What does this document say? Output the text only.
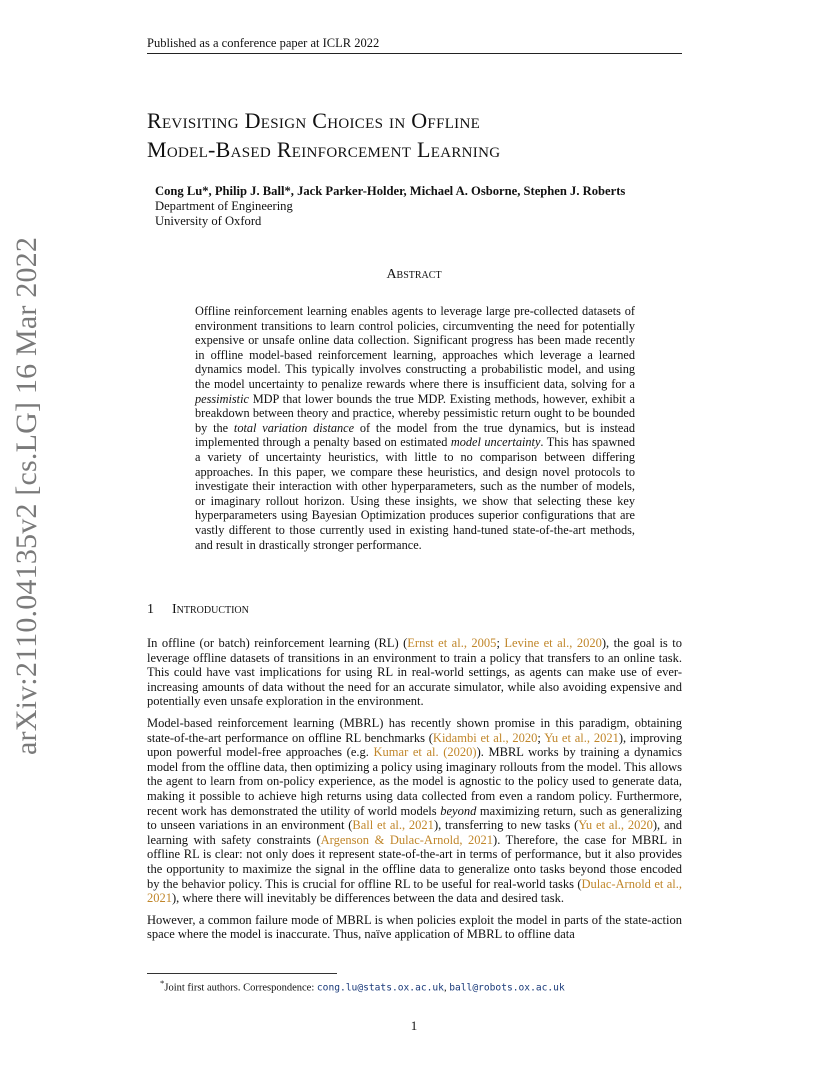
Published as a conference paper at ICLR 2022
Revisiting Design Choices in Offline
Model-Based Reinforcement Learning
Cong Lu*, Philip J. Ball*, Jack Parker-Holder, Michael A. Osborne, Stephen J. Roberts
Department of Engineering
University of Oxford
arXiv:2110.04135v2 [cs.LG] 16 Mar 2022	Abstract
Offline reinforcement learning enables agents to leverage large pre-collected datasets of environment transitions to learn control policies, circumventing the need for potentially expensive or unsafe online data collection. Significant progress has been made recently in offline model-based reinforcement learning, approaches which leverage a learned dynamics model. This typically involves constructing a probabilistic model, and using the model uncertainty to penalize rewards where there is insufficient data, solving for a pessimistic MDP that lower bounds the true MDP. Existing methods, however, exhibit a breakdown between theory and practice, whereby pessimistic return ought to be bounded by the total variation distance of the model from the true dynamics, but is instead implemented through a penalty based on estimated model uncertainty. This has spawned a variety of uncertainty heuristics, with little to no comparison between differing approaches. In this paper, we compare these heuristics, and design novel protocols to investigate their interaction with other hyperparameters, such as the number of models, or imaginary rollout horizon. Using these insights, we show that selecting these key hyperparameters using Bayesian Optimization produces superior configurations that are vastly different to those currently used in existing hand-tuned state-of-the-art methods, and result in drastically stronger performance.
1 Introduction

In offline (or batch) reinforcement learning (RL) (Ernst et al., 2005; Levine et al., 2020), the goal is to leverage offline datasets of transitions in an environment to train a policy that transfers to an online task. This could have vast implications for using RL in real-world settings, as agents can make use of ever-increasing amounts of data without the need for an accurate simulator, while also avoiding expensive and potentially even unsafe exploration in the environment.

Model-based reinforcement learning (MBRL) has recently shown promise in this paradigm, obtaining state-of-the-art performance on offline RL benchmarks (Kidambi et al., 2020; Yu et al., 2021), improving upon powerful model-free approaches (e.g. Kumar et al. (2020)). MBRL works by training a dynamics model from the offline data, then optimizing a policy using imaginary rollouts from the model. This allows the agent to learn from on-policy experience, as the model is agnostic to the policy used to generate data, making it possible to achieve high returns using data collected from even a random policy. Furthermore, recent work has demonstrated the utility of world models beyond maximizing return, such as generalizing to unseen variations in an environment (Ball et al., 2021), transferring to new tasks (Yu et al., 2020), and learning with safety constraints (Argenson & Dulac-Arnold, 2021). Therefore, the case for MBRL in offline RL is clear: not only does it represent state-of-the-art in terms of performance, but it also provides the opportunity to maximize the signal in the offline data to generalize onto tasks beyond those encoded by the behavior policy. This is crucial for offline RL to be useful for real-world tasks (Dulac-Arnold et al., 2021), where there will inevitably be differences between the data and desired task.

However, a common failure mode of MBRL is when policies exploit the model in parts of the state-action space where the model is inaccurate. Thus, naïve application of MBRL to offline data

*Joint first authors. Correspondence: cong.lu@stats.ox.ac.uk, ball@robots.ox.ac.uk
1
